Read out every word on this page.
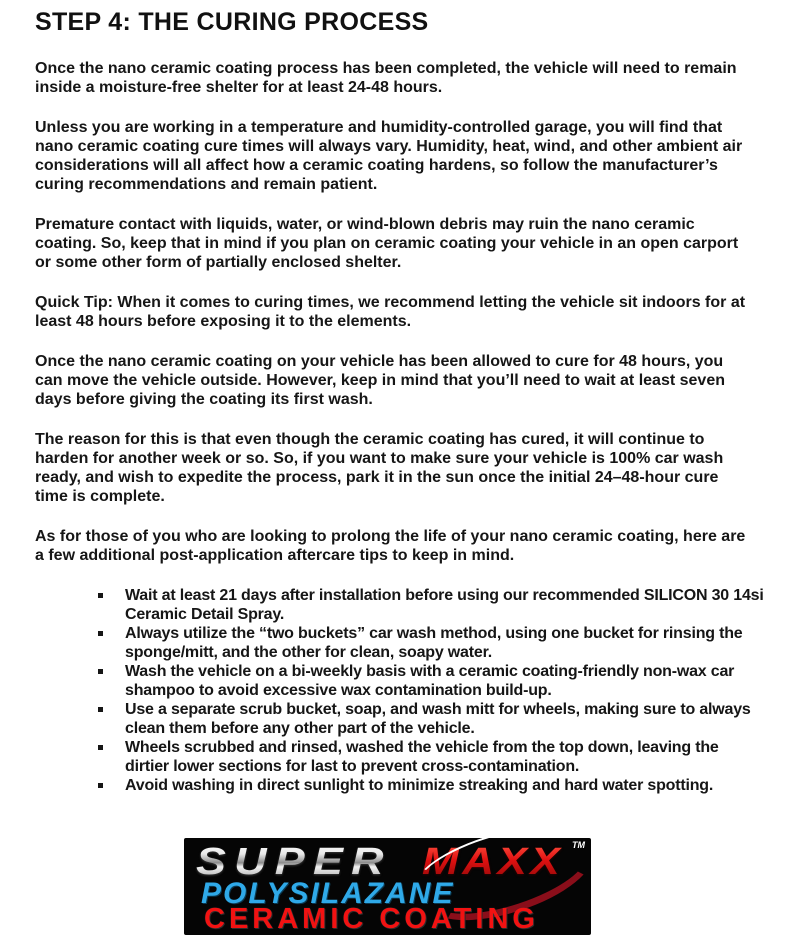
STEP 4: THE CURING PROCESS

Once the nano ceramic coating process has been completed, the vehicle will need to remain inside a moisture-free shelter for at least 24-48 hours.

Unless you are working in a temperature and humidity-controlled garage, you will find that nano ceramic coating cure times will always vary. Humidity, heat, wind, and other ambient air considerations will all affect how a ceramic coating hardens, so follow the manufacturer’s curing recommendations and remain patient.

Premature contact with liquids, water, or wind-blown debris may ruin the nano ceramic coating. So, keep that in mind if you plan on ceramic coating your vehicle in an open carport or some other form of partially enclosed shelter.

Quick Tip: When it comes to curing times, we recommend letting the vehicle sit indoors for at least 48 hours before exposing it to the elements.

Once the nano ceramic coating on your vehicle has been allowed to cure for 48 hours, you can move the vehicle outside. However, keep in mind that you’ll need to wait at least seven days before giving the coating its first wash.

The reason for this is that even though the ceramic coating has cured, it will continue to harden for another week or so. So, if you want to make sure your vehicle is 100% car wash ready, and wish to expedite the process, park it in the sun once the initial 24–48-hour cure time is complete.

As for those of you who are looking to prolong the life of your nano ceramic coating, here are a few additional post-application aftercare tips to keep in mind.

Wait at least 21 days after installation before using our recommended SILICON 30 14si Ceramic Detail Spray.
Always utilize the “two buckets” car wash method, using one bucket for rinsing the sponge/mitt, and the other for clean, soapy water.
Wash the vehicle on a bi-weekly basis with a ceramic coating-friendly non-wax car shampoo to avoid excessive wax contamination build-up.
Use a separate scrub bucket, soap, and wash mitt for wheels, making sure to always clean them before any other part of the vehicle.
Wheels scrubbed and rinsed, washed the vehicle from the top down, leaving the dirtier lower sections for last to prevent cross-contamination.
Avoid washing in direct sunlight to minimize streaking and hard water spotting.
SUPER MAXX TM
POLYSILAZANE
CERAMIC COATING
